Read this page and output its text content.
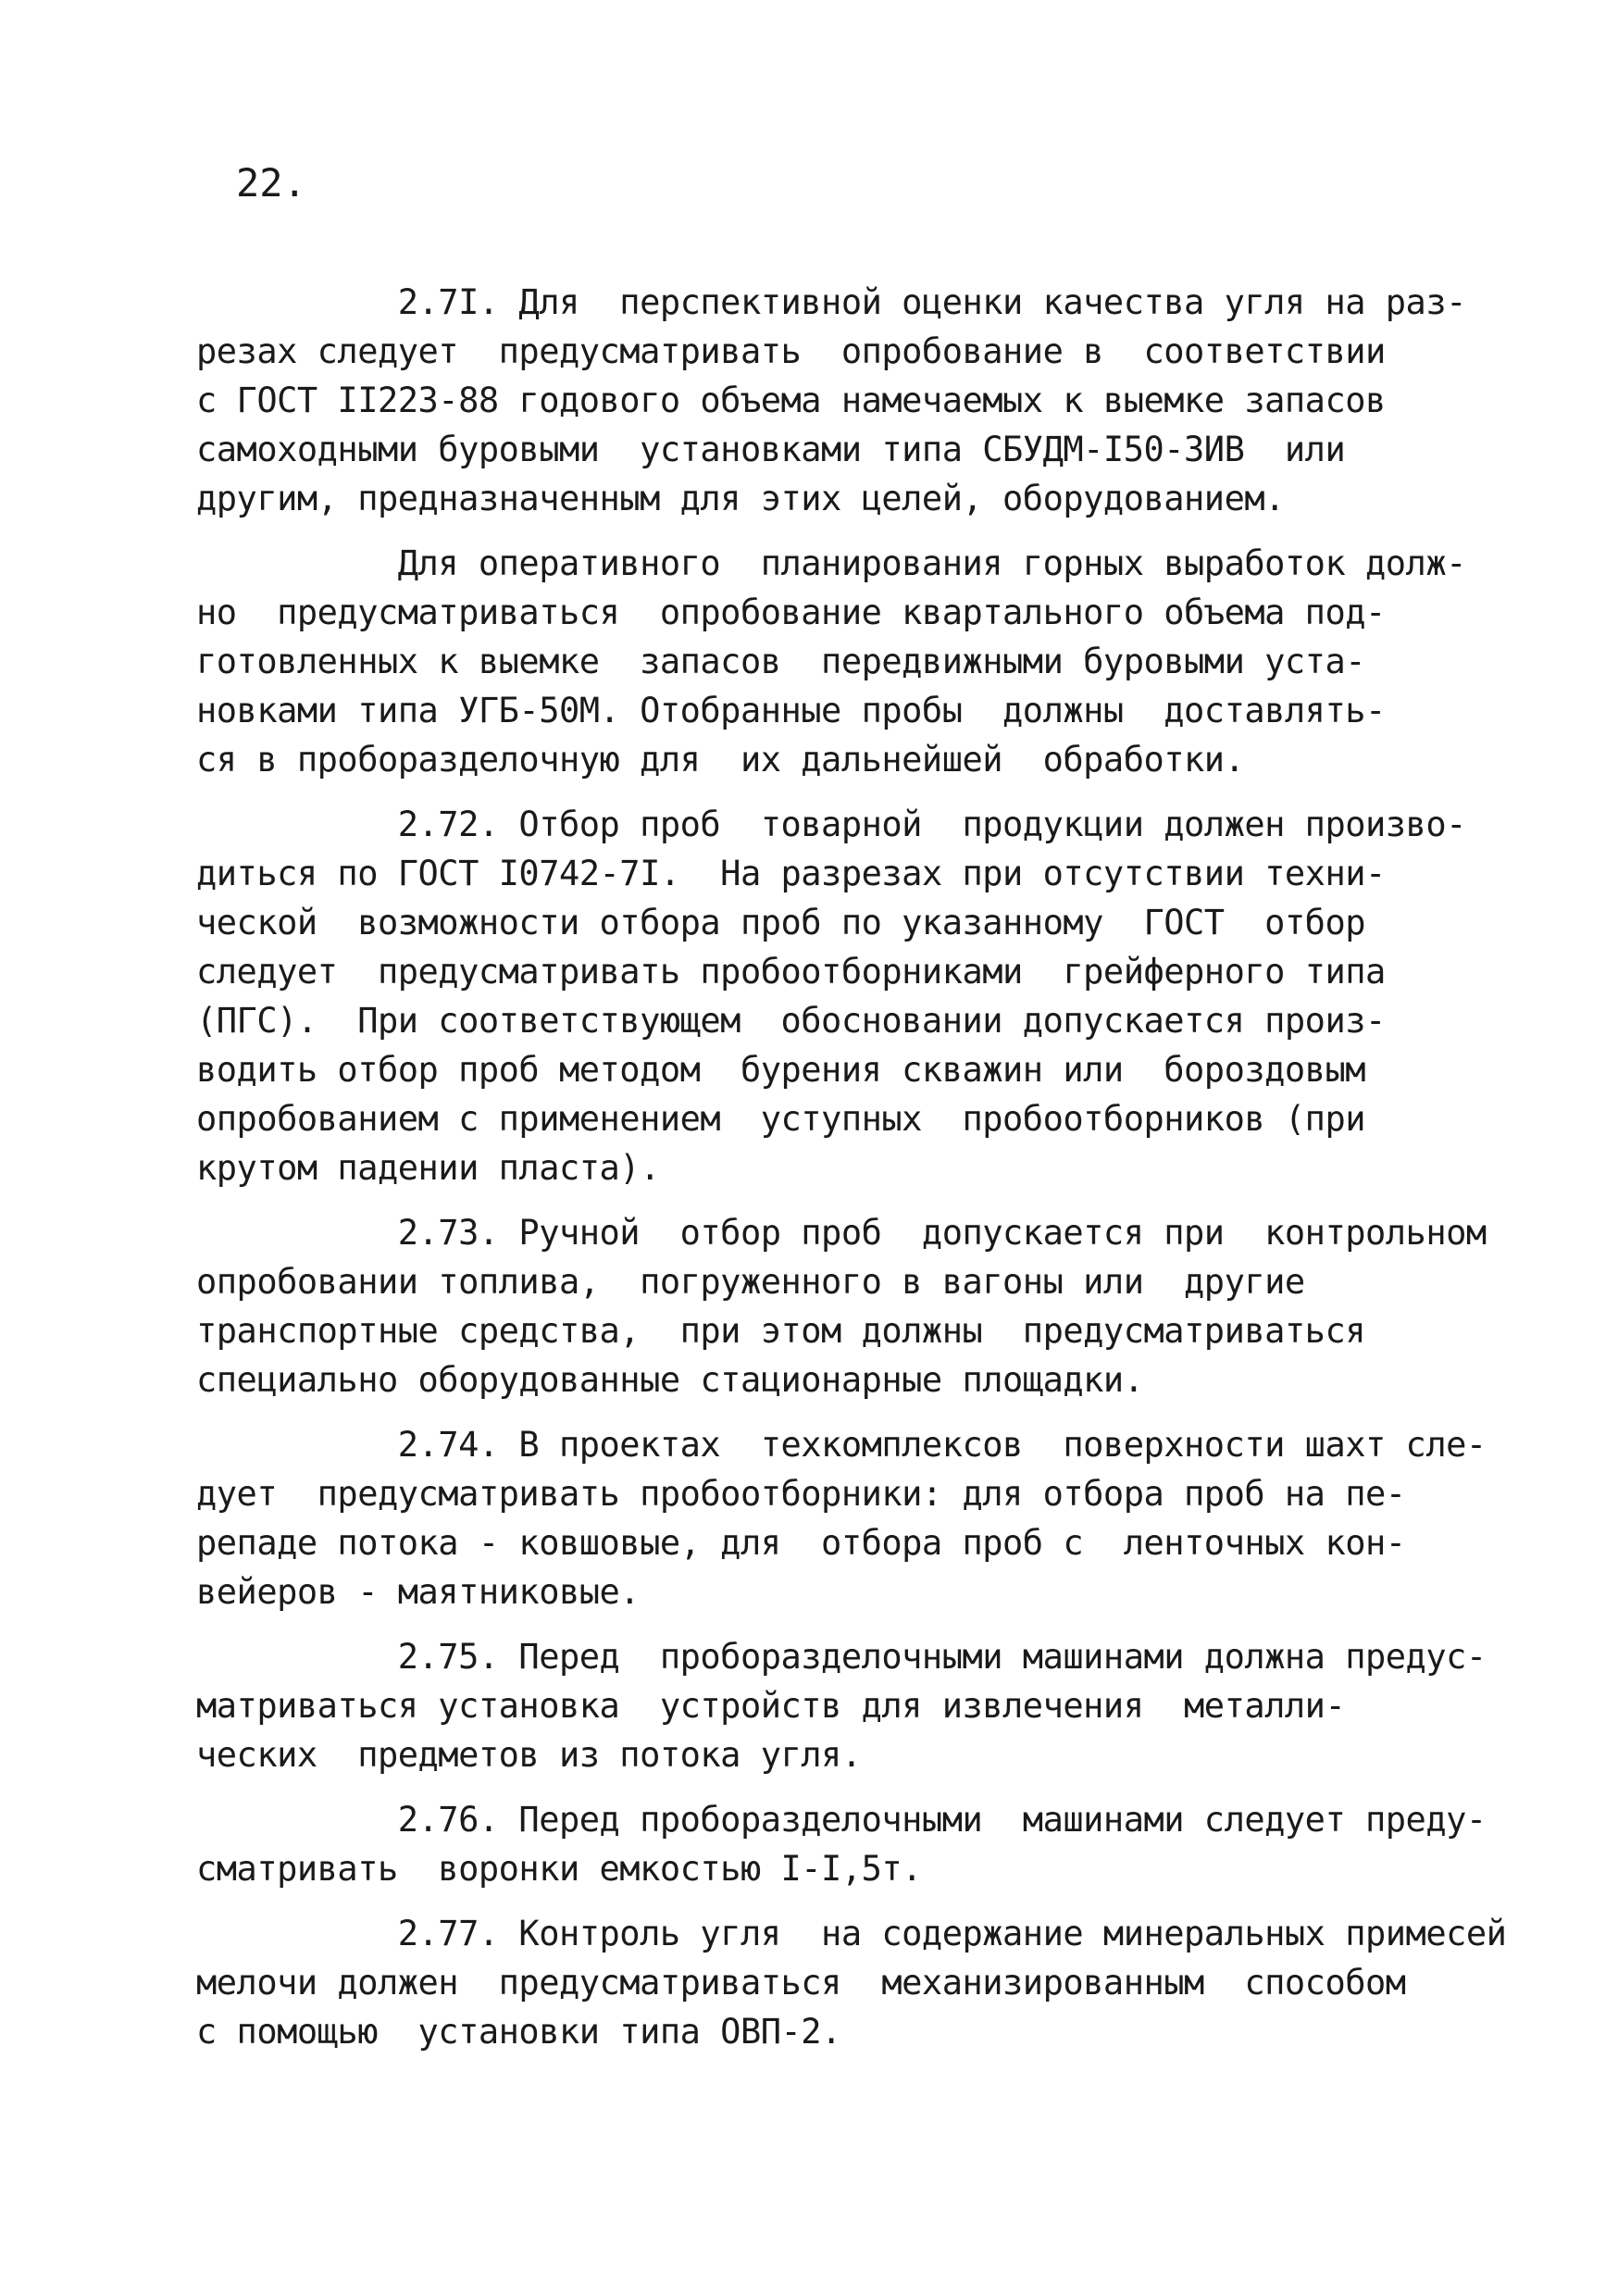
22.
2.7I. Для  перспективной оценки качества угля на раз-
резах следует  предусматривать  опробование в  соответствии
с ГОСТ II223-88 годового объема намечаемых к выемке запасов
самоходными буровыми  установками типа СБУДМ-I50-ЗИВ  или
другим, предназначенным для этих целей, оборудованием.
Для оперативного  планирования горных выработок долж-
но  предусматриваться  опробование квартального объема под-
готовленных к выемке  запасов  передвижными буровыми уста-
новками типа УГБ-50М. Отобранные пробы  должны  доставлять-
ся в пробоpaзделочную для  их дальнейшей  обработки.
2.72. Отбор проб  товарной  продукции должен произво-
диться по ГОСТ I0742-7I.  На разрезах при отсутствии техни-
ческой  возможности отбора проб по указанному  ГОСТ  отбор
следует  предусматривать пробоотборниками  грейферного типа
(ПГС).  При соответствующем  обосновании допускается произ-
водить отбор проб методом  бурения скважин или  бороздовым
опробованием с применением  уступных  пробоотборников (при
крутом падении пласта).
2.73. Ручной  отбор проб  допускается при  контрольном
опробовании топлива,  погруженного в вагоны или  другие
транспортные средства,  при этом должны  предусматриваться
специально оборудованные стационарные площадки.
2.74. В проектах  техкомплексов  поверхности шахт сле-
дует  предусматривать пробоотборники: для отбора проб на пе-
репаде потока - ковшовые, для  отбора проб с  ленточных кон-
вейеров - маятниковые.
2.75. Перед  пробоpaзделочными машинами должна предус-
матриваться установка  устройств для извлечения  металли-
ческих  предметов из потока угля.
2.76. Перед пробоpaзделочными  машинами следует преду-
сматривать  воронки емкостью I-I,5т.
2.77. Контроль угля  на содержание минеральных примесей
мелочи должен  предусматриваться  механизированным  способом
с помощью  установки типа ОВП-2.
